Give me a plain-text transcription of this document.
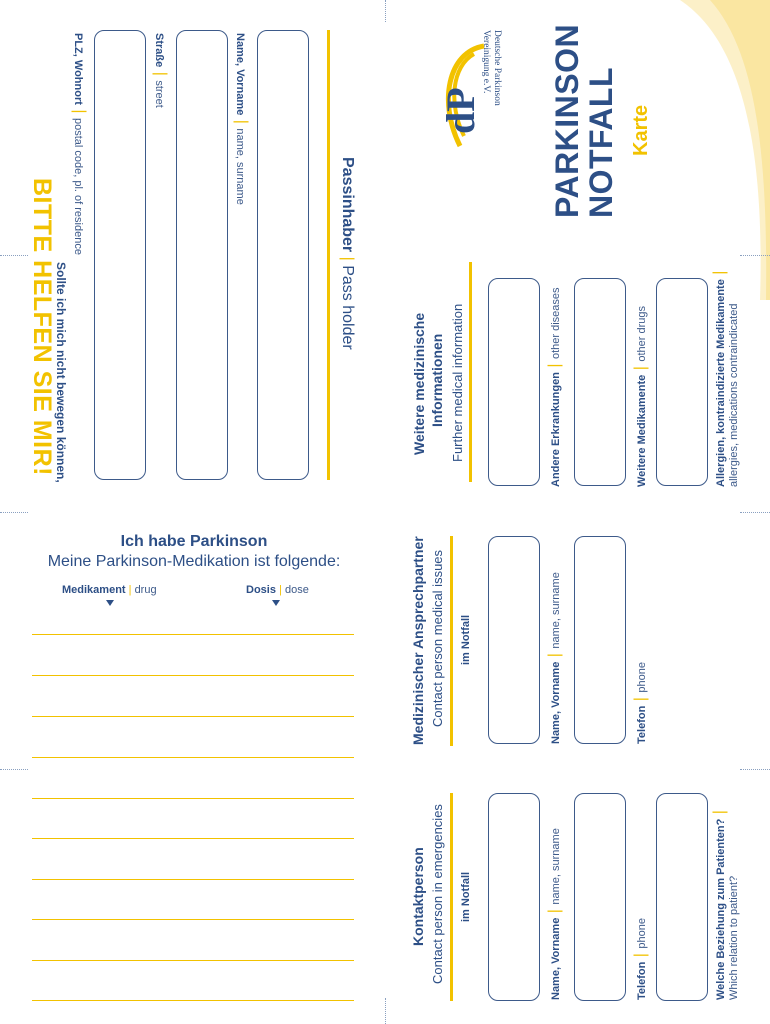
dP
Deutsche Parkinson
Vereinigung e.V. PARKINSON
NOTFALL Karte
Passinhaber | Pass holder
Name, Vorname | name, surname
Straße | street
PLZ, Wohnort | postal code, pl. of residence
Sollte ich mich nicht bewegen können,
BITTE HELFEN SIE MIR!	Weitere medizinische Informationen Further medical information	Andere Erkrankungen | other diseases
Weitere Medikamente | other drugs	Allergien, kontraindizierte Medikamente |
allergies, medications contraindicated
Ich habe Parkinson
Meine Parkinson-Medikation ist folgende:
Medikament | drug	Dosis | dose	Medizinischer Ansprechpartner Contact person medical issues im Notfall
Name, Vorname | name, surname
Telefon | phone
Kontaktperson Contact person in emergencies im Notfall
Name, Vorname | name, surname
Telefon | phone	Welche Beziehung zum Patienten? |
Which relation to patient?
